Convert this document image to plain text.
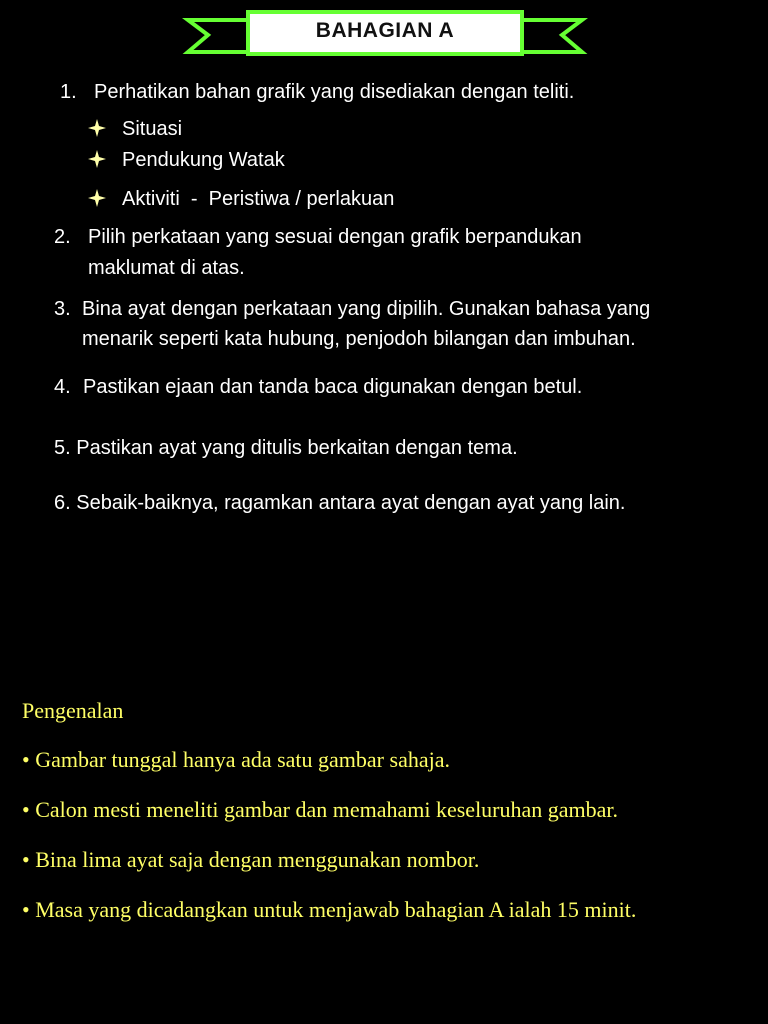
BAHAGIAN A
1. Perhatikan bahan grafik yang disediakan dengan teliti.
Situasi
Pendukung Watak
Aktiviti  -  Peristiwa / perlakuan
2. Pilih perkataan yang sesuai dengan grafik berpandukan
maklumat di atas.
3. Bina ayat dengan perkataan yang dipilih. Gunakan bahasa yang
menarik seperti kata hubung, penjodoh bilangan dan imbuhan.
4. Pastikan ejaan dan tanda baca digunakan dengan betul.
5. Pastikan ayat yang ditulis berkaitan dengan tema.
6. Sebaik-baiknya, ragamkan antara ayat dengan ayat yang lain.
Pengenalan
• Gambar tunggal hanya ada satu gambar sahaja.
• Calon mesti meneliti gambar dan memahami keseluruhan gambar.
• Bina lima ayat saja dengan menggunakan nombor.
• Masa yang dicadangkan untuk menjawab bahagian A ialah 15 minit.
